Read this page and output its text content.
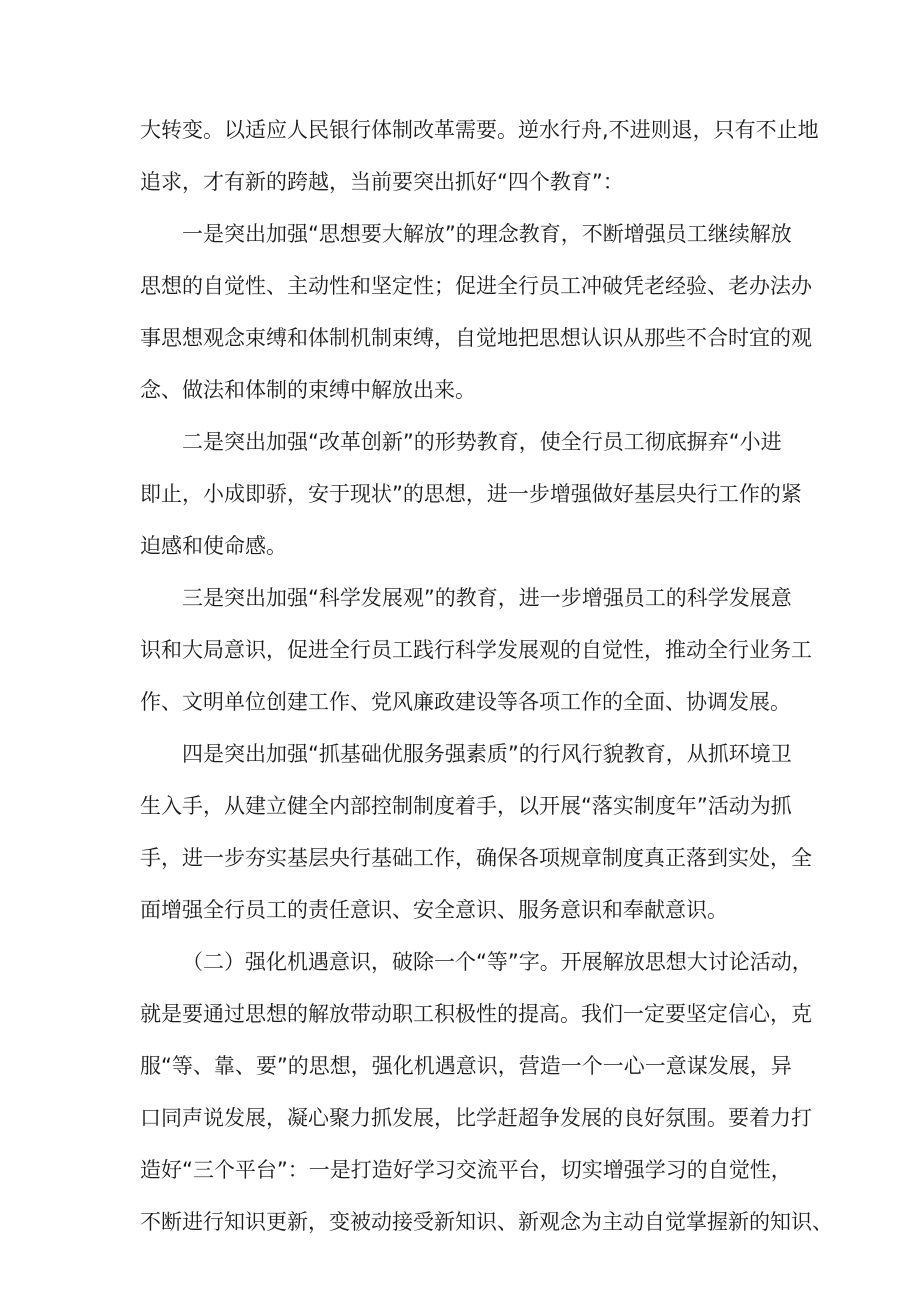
大转变。以适应人民银行体制改革需要。逆水行舟,不进则退，只有不止地
追求，才有新的跨越，当前要突出抓好“四个教育”：
一是突出加强“思想要大解放”的理念教育，不断增强员工继续解放
思想的自觉性、主动性和坚定性；促进全行员工冲破凭老经验、老办法办
事思想观念束缚和体制机制束缚，自觉地把思想认识从那些不合时宜的观
念、做法和体制的束缚中解放出来。
二是突出加强“改革创新”的形势教育，使全行员工彻底摒弃“小进
即止，小成即骄，安于现状”的思想，进一步增强做好基层央行工作的紧
迫感和使命感。
三是突出加强“科学发展观”的教育，进一步增强员工的科学发展意
识和大局意识，促进全行员工践行科学发展观的自觉性，推动全行业务工
作、文明单位创建工作、党风廉政建设等各项工作的全面、协调发展。
四是突出加强“抓基础优服务强素质”的行风行貌教育，从抓环境卫
生入手，从建立健全内部控制制度着手，以开展“落实制度年”活动为抓
手，进一步夯实基层央行基础工作，确保各项规章制度真正落到实处，全
面增强全行员工的责任意识、安全意识、服务意识和奉献意识。
（二）强化机遇意识，破除一个“等”字。开展解放思想大讨论活动，
就是要通过思想的解放带动职工积极性的提高。我们一定要坚定信心，克
服“等、靠、要”的思想，强化机遇意识，营造一个一心一意谋发展，异
口同声说发展，凝心聚力抓发展，比学赶超争发展的良好氛围。要着力打
造好“三个平台”：一是打造好学习交流平台，切实增强学习的自觉性，
不断进行知识更新，变被动接受新知识、新观念为主动自觉掌握新的知识、
